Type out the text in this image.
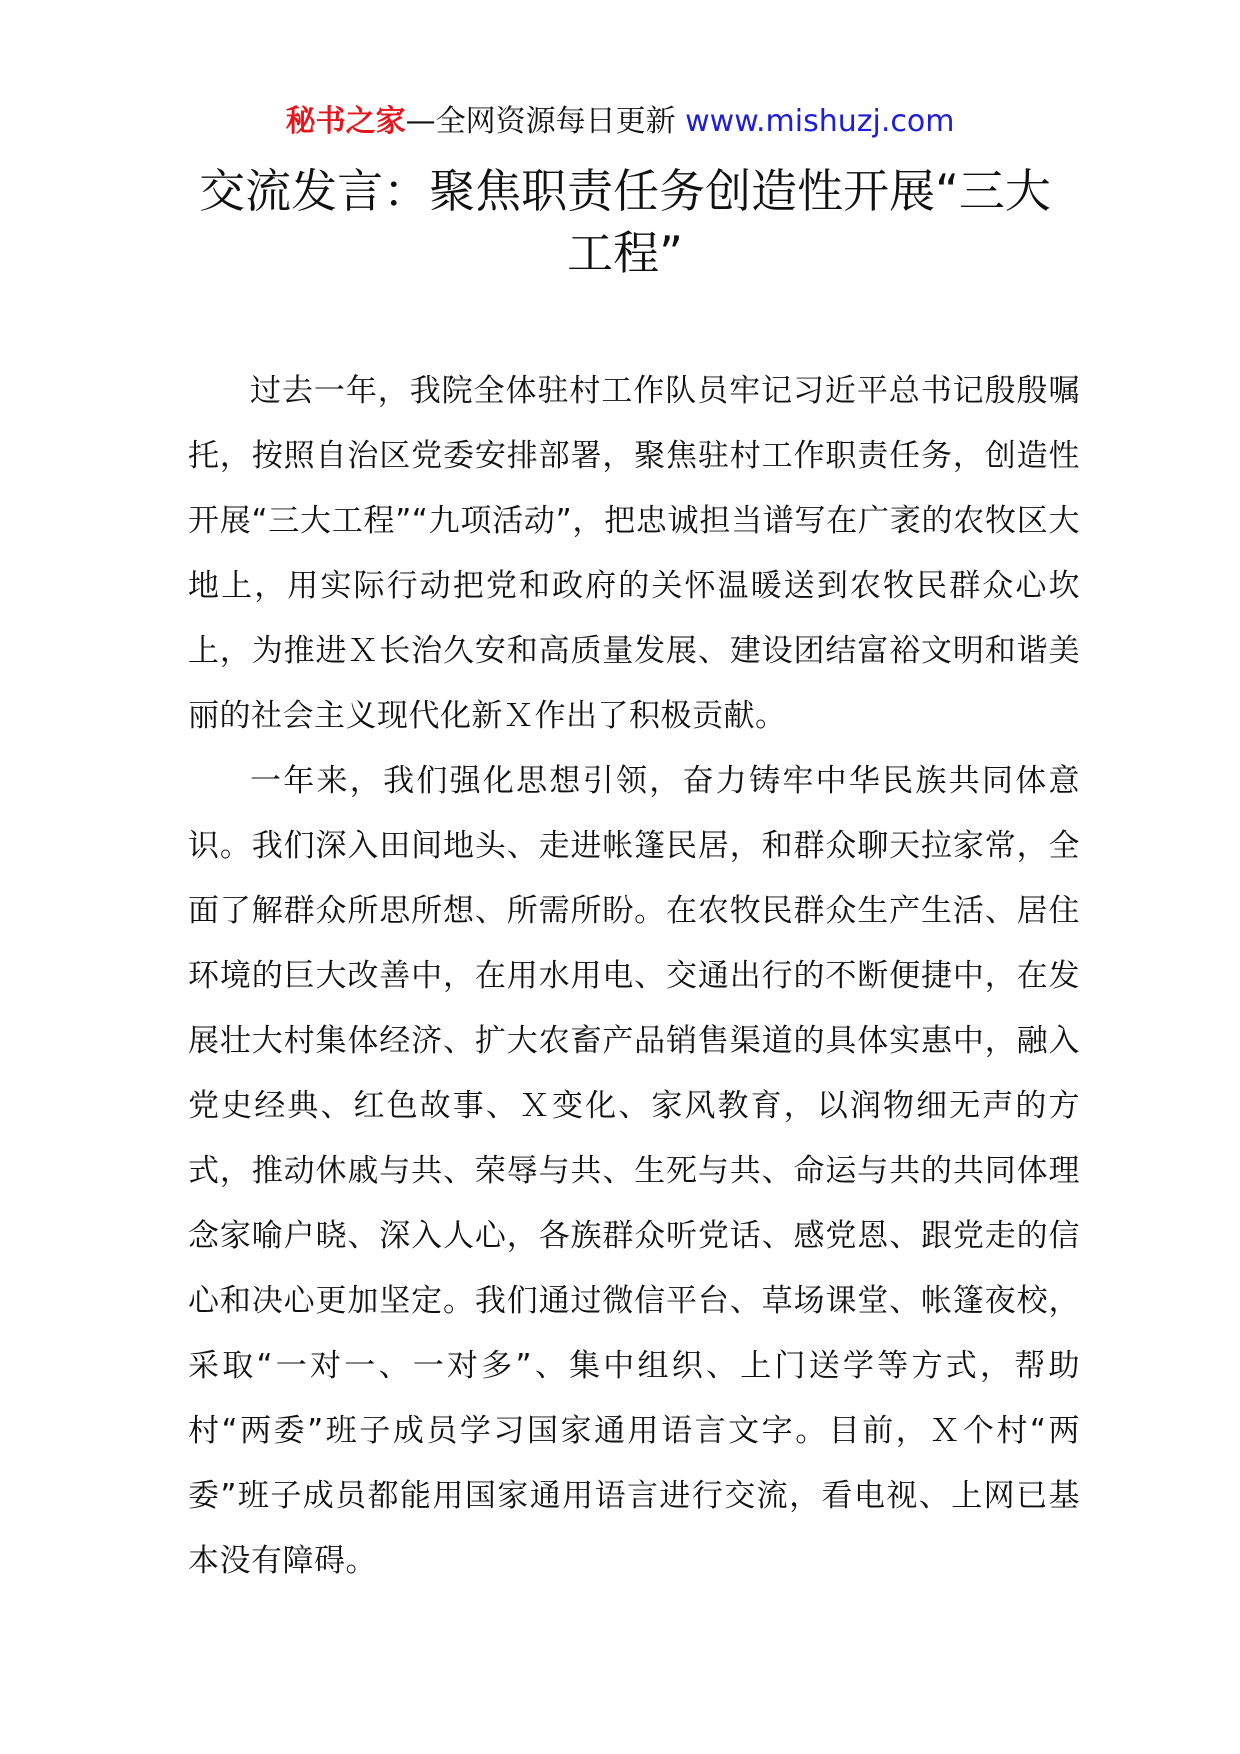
秘书之家—全网资源每日更新 www.mishuzj.com
交流发言：聚焦职责任务创造性开展“三大工程”

过去一年，我院全体驻村工作队员牢记习近平总书记殷殷嘱托，按照自治区党委安排部署，聚焦驻村工作职责任务，创造性开展“三大工程”“九项活动”，把忠诚担当谱写在广袤的农牧区大地上，用实际行动把党和政府的关怀温暖送到农牧民群众心坎上，为推进Ｘ长治久安和高质量发展、建设团结富裕文明和谐美丽的社会主义现代化新Ｘ作出了积极贡献。

一年来，我们强化思想引领，奋力铸牢中华民族共同体意识。我们深入田间地头、走进帐篷民居，和群众聊天拉家常，全面了解群众所思所想、所需所盼。在农牧民群众生产生活、居住环境的巨大改善中，在用水用电、交通出行的不断便捷中，在发展壮大村集体经济、扩大农畜产品销售渠道的具体实惠中，融入党史经典、红色故事、Ｘ变化、家风教育，以润物细无声的方式，推动休戚与共、荣辱与共、生死与共、命运与共的共同体理念家喻户晓、深入人心，各族群众听党话、感党恩、跟党走的信心和决心更加坚定。我们通过微信平台、草场课堂、帐篷夜校，采取“一对一、一对多”、集中组织、上门送学等方式，帮助村“两委”班子成员学习国家通用语言文字。目前，Ｘ个村“两委”班子成员都能用国家通用语言进行交流，看电视、上网已基本没有障碍。
